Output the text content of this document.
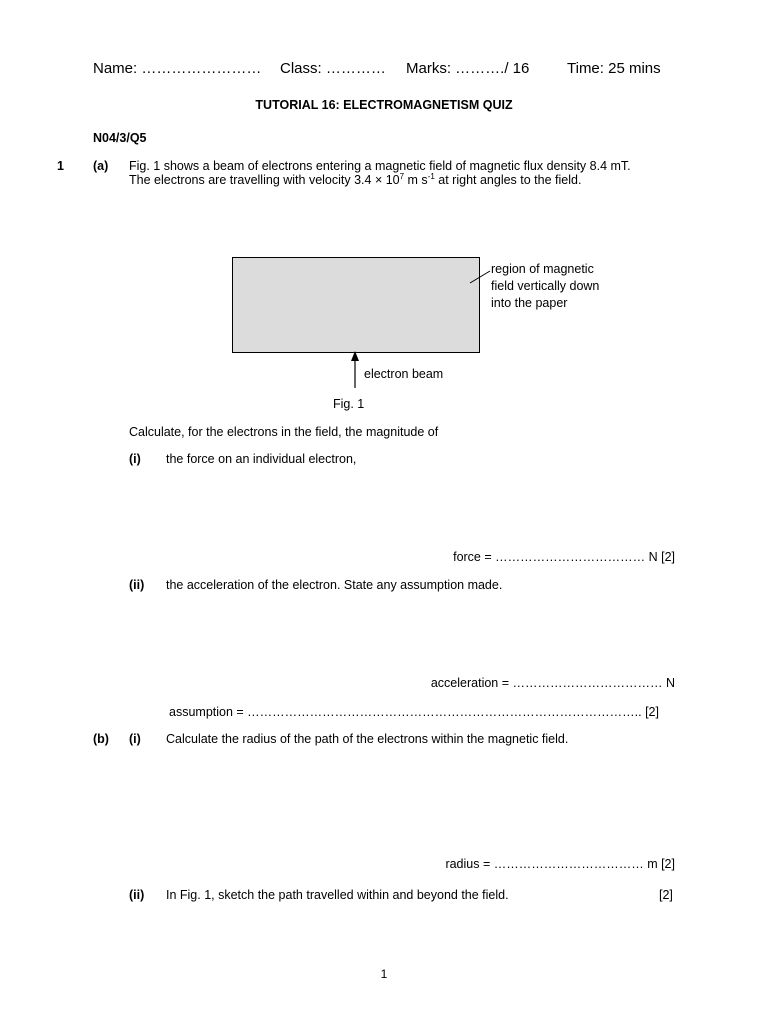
Name: …………………… Class: ………… Marks: ………./ 16	Time: 25 mins
TUTORIAL 16: ELECTROMAGNETISM QUIZ
N04/3/Q5
1 (a) Fig. 1 shows a beam of electrons entering a magnetic field of magnetic flux density 8.4 mT.
The electrons are travelling with velocity $3.4 \times 10^7$ m $s^{-1}$ at right angles to the field.
region of magnetic
field vertically down
into the paper
electron beam
Fig. 1
Calculate, for the electrons in the field, the magnitude of
(i) the force on an individual electron,
force = ……………………………… N [2]
(ii) the acceleration of the electron. State any assumption made.
acceleration = ……………………………… N
assumption = ………………………………………………………………………………….. [2]
(b) (i) Calculate the radius of the path of the electrons within the magnetic field.
radius = ……………………………… m [2]
(ii) In Fig. 1, sketch the path travelled within and beyond the field.	[2]
1
